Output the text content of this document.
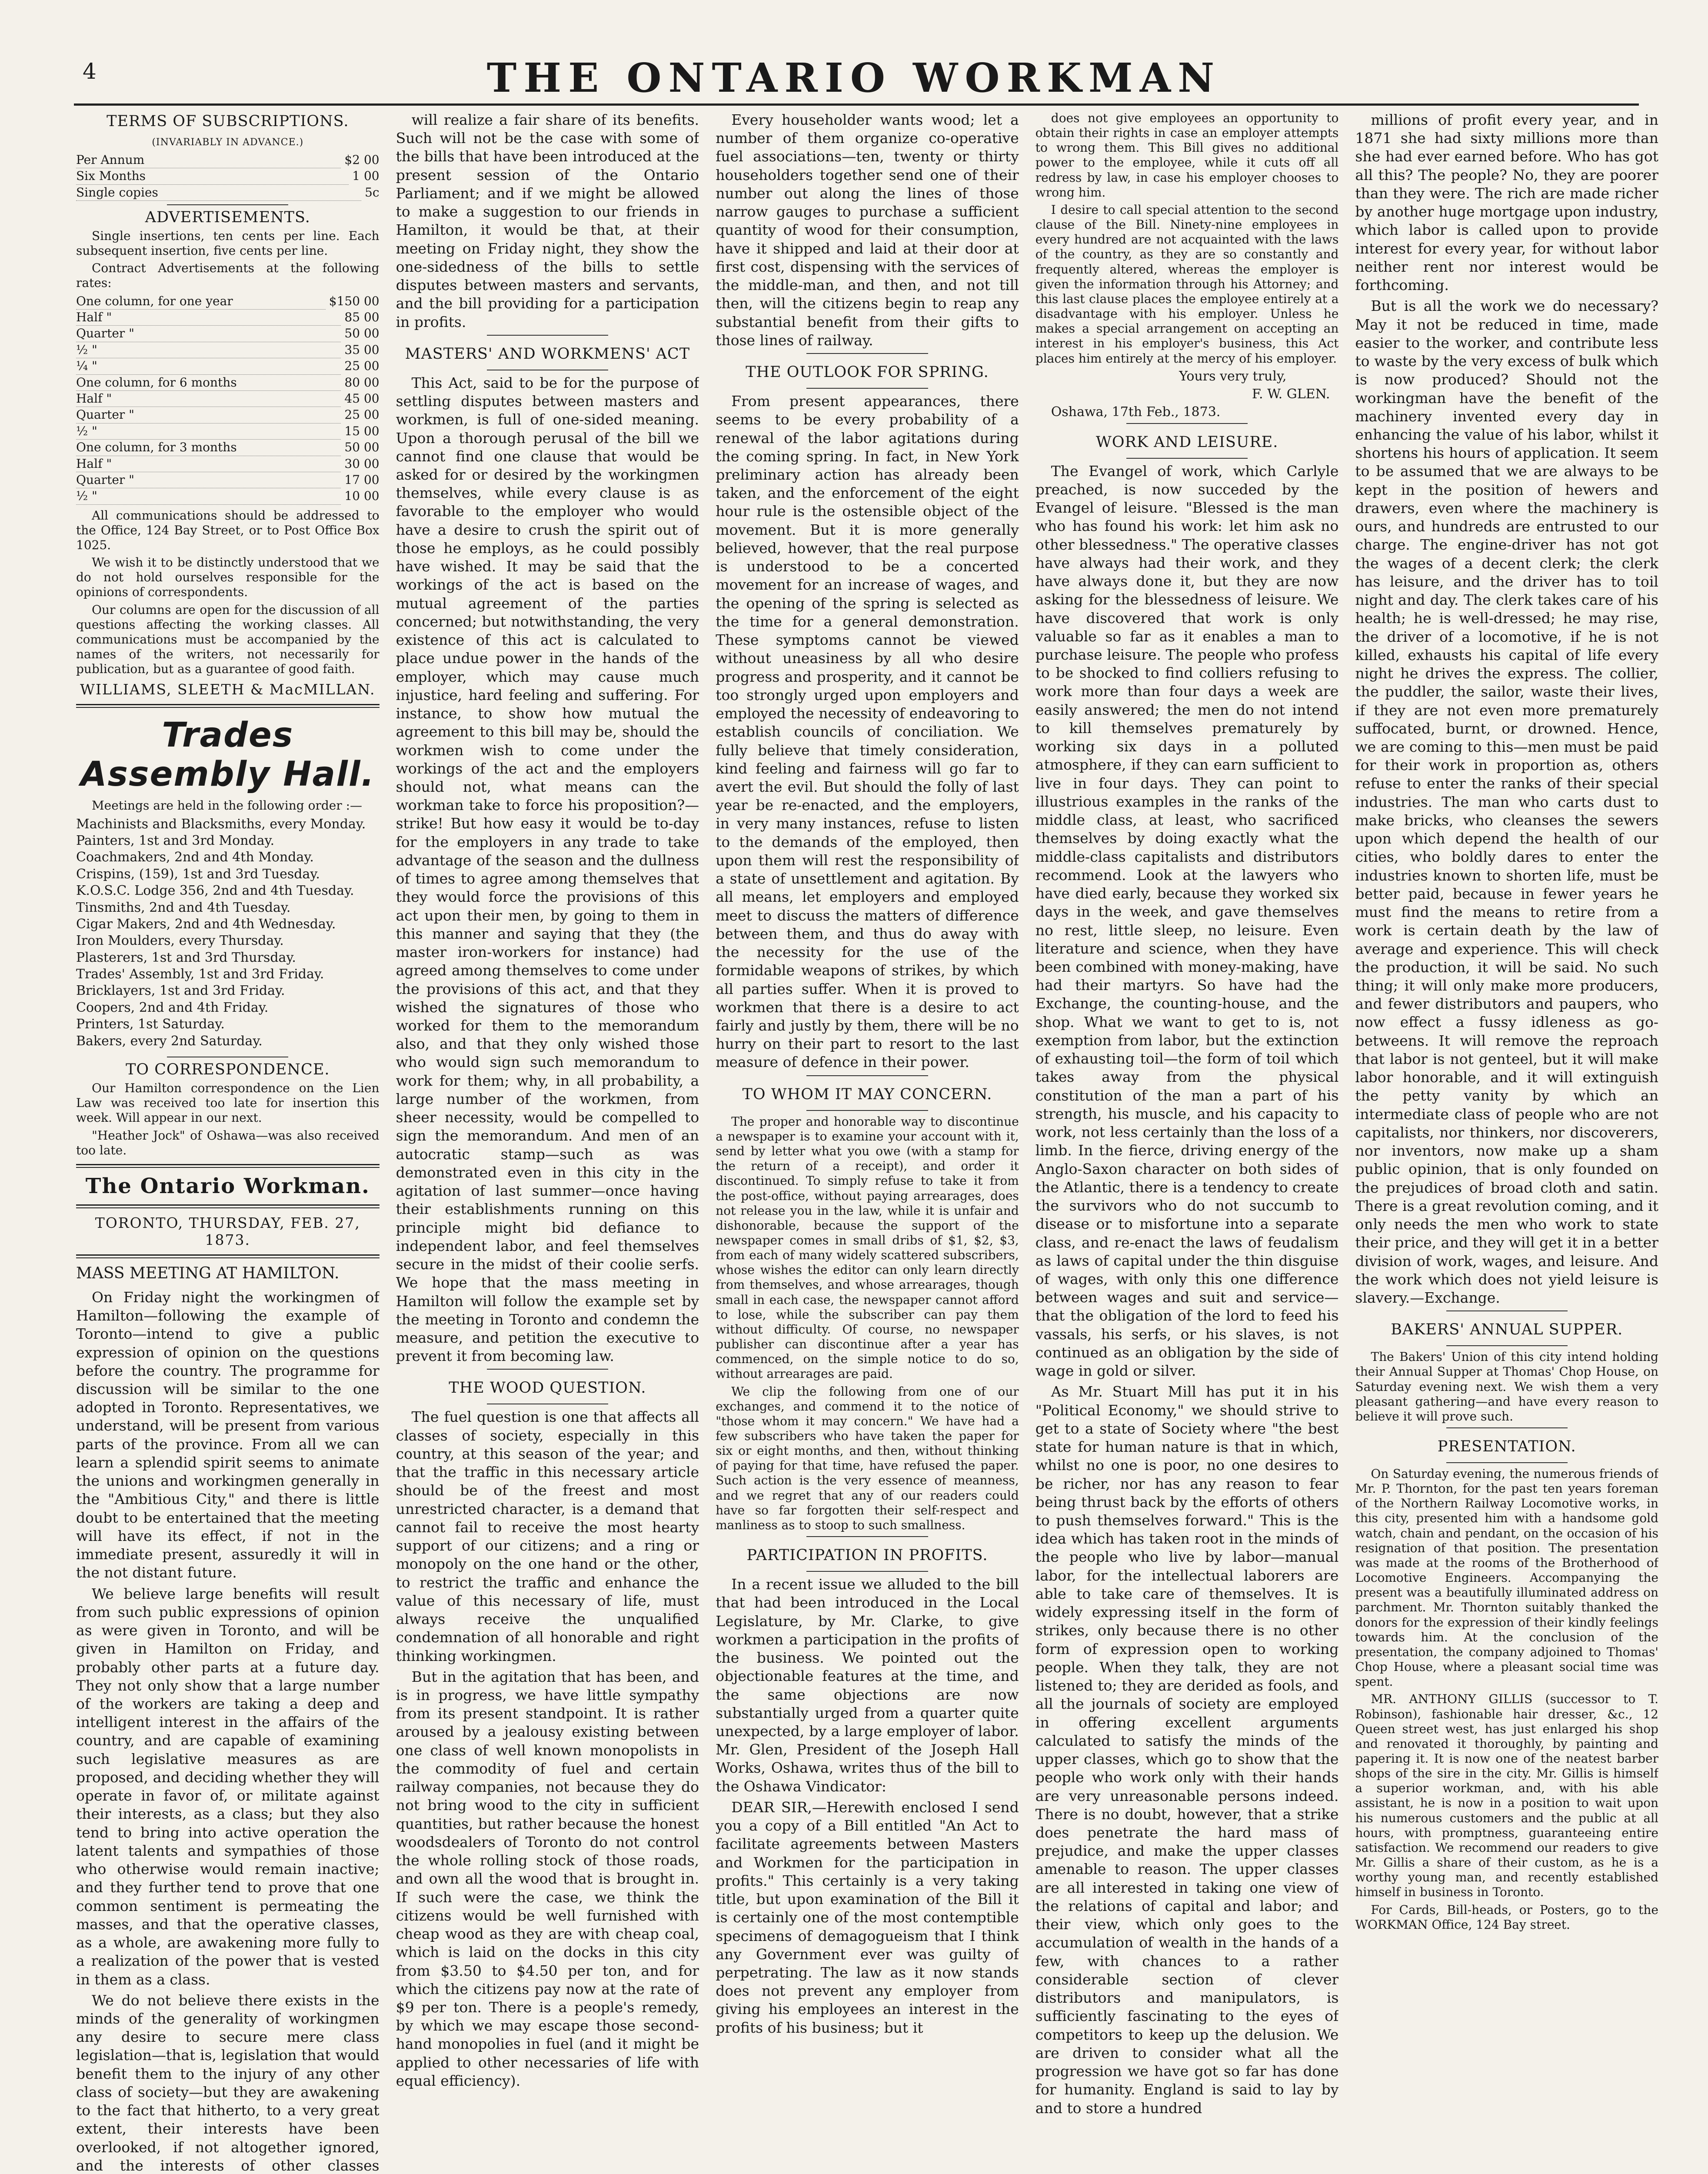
4	THE ONTARIO WORKMAN
TERMS OF SUBSCRIPTIONS.
(INVARIABLY IN ADVANCE.)
Per Annum	$2 00
Six Months	1 00
Single copies	5c
ADVERTISEMENTS.

Single insertions, ten cents per line. Each subsequent insertion, five cents per line.

Contract Advertisements at the following rates:

One column, for one year	$150 00
Half "	85 00
Quarter "	50 00
½ "	35 00
¼ "	25 00
One column, for 6 months	80 00
Half "	45 00
Quarter "	25 00
½ "	15 00
One column, for 3 months	50 00
Half "	30 00
Quarter "	17 00
½ "	10 00

All communications should be addressed to the Office, 124 Bay Street, or to Post Office Box 1025.

We wish it to be distinctly understood that we do not hold ourselves responsible for the opinions of correspondents.

Our columns are open for the discussion of all questions affecting the working classes. All communications must be accompanied by the names of the writers, not necessarily for publication, but as a guarantee of good faith.

WILLIAMS, SLEETH & MacMILLAN.
Trades Assembly Hall.

Meetings are held in the following order :—

Machinists and Blacksmiths, every Monday.
Painters, 1st and 3rd Monday.
Coachmakers, 2nd and 4th Monday.
Crispins, (159), 1st and 3rd Tuesday.
K.O.S.C. Lodge 356, 2nd and 4th Tuesday.
Tinsmiths, 2nd and 4th Tuesday.
Cigar Makers, 2nd and 4th Wednesday.
Iron Moulders, every Thursday.
Plasterers, 1st and 3rd Thursday.
Trades' Assembly, 1st and 3rd Friday.
Bricklayers, 1st and 3rd Friday.
Coopers, 2nd and 4th Friday.
Printers, 1st Saturday.
Bakers, every 2nd Saturday.
TO CORRESPONDENCE.

Our Hamilton correspondence on the Lien Law was received too late for insertion this week. Will appear in our next.

"Heather Jock" of Oshawa—was also received too late.

The Ontario Workman.
TORONTO, THURSDAY, FEB. 27, 1873.
MASS MEETING AT HAMILTON.

On Friday night the workingmen of Hamilton—following the example of Toronto—intend to give a public expression of opinion on the questions before the country. The programme for discussion will be similar to the one adopted in Toronto. Representatives, we understand, will be present from various parts of the province. From all we can learn a splendid spirit seems to animate the unions and workingmen generally in the "Ambitious City," and there is little doubt to be entertained that the meeting will have its effect, if not in the immediate present, assuredly it will in the not distant future.

We believe large benefits will result from such public expressions of opinion as were given in Toronto, and will be given in Hamilton on Friday, and probably other parts at a future day. They not only show that a large number of the workers are taking a deep and intelligent interest in the affairs of the country, and are capable of examining such legislative measures as are proposed, and deciding whether they will operate in favor of, or militate against their interests, as a class; but they also tend to bring into active operation the latent talents and sympathies of those who otherwise would remain inactive; and they further tend to prove that one common sentiment is permeating the masses, and that the operative classes, as a whole, are awakening more fully to a realization of the power that is vested in them as a class.

We do not believe there exists in the minds of the generality of workingmen any desire to secure mere class legislation—that is, legislation that would benefit them to the injury of any other class of society—but they are awakening to the fact that hitherto, to a very great extent, their interests have been overlooked, if not altogether ignored, and the interests of other classes

will realize a fair share of its benefits. Such will not be the case with some of the bills that have been introduced at the present session of the Ontario Parliament; and if we might be allowed to make a suggestion to our friends in Hamilton, it would be that, at their meeting on Friday night, they show the one-sidedness of the bills to settle disputes between masters and servants, and the bill providing for a participation in profits.

MASTERS' AND WORKMENS' ACT

This Act, said to be for the purpose of settling disputes between masters and workmen, is full of one-sided meaning. Upon a thorough perusal of the bill we cannot find one clause that would be asked for or desired by the workingmen themselves, while every clause is as favorable to the employer who would have a desire to crush the spirit out of those he employs, as he could possibly have wished. It may be said that the workings of the act is based on the mutual agreement of the parties concerned; but notwithstanding, the very existence of this act is calculated to place undue power in the hands of the employer, which may cause much injustice, hard feeling and suffering. For instance, to show how mutual the agreement to this bill may be, should the workmen wish to come under the workings of the act and the employers should not, what means can the workman take to force his proposition?—strike! But how easy it would be to-day for the employers in any trade to take advantage of the season and the dullness of times to agree among themselves that they would force the provisions of this act upon their men, by going to them in this manner and saying that they (the master iron-workers for instance) had agreed among themselves to come under the provisions of this act, and that they wished the signatures of those who worked for them to the memorandum also, and that they only wished those who would sign such memorandum to work for them; why, in all probability, a large number of the workmen, from sheer necessity, would be compelled to sign the memorandum. And men of an autocratic stamp—such as was demonstrated even in this city in the agitation of last summer—once having their establishments running on this principle might bid defiance to independent labor, and feel themselves secure in the midst of their coolie serfs. We hope that the mass meeting in Hamilton will follow the example set by the meeting in Toronto and condemn the measure, and petition the executive to prevent it from becoming law.

THE WOOD QUESTION.

The fuel question is one that affects all classes of society, especially in this country, at this season of the year; and that the traffic in this necessary article should be of the freest and most unrestricted character, is a demand that cannot fail to receive the most hearty support of our citizens; and a ring or monopoly on the one hand or the other, to restrict the traffic and enhance the value of this necessary of life, must always receive the unqualified condemnation of all honorable and right thinking workingmen.

But in the agitation that has been, and is in progress, we have little sympathy from its present standpoint. It is rather aroused by a jealousy existing between one class of well known monopolists in the commodity of fuel and certain railway companies, not because they do not bring wood to the city in sufficient quantities, but rather because the honest woodsdealers of Toronto do not control the whole rolling stock of those roads, and own all the wood that is brought in. If such were the case, we think the citizens would be well furnished with cheap wood as they are with cheap coal, which is laid on the docks in this city from $3.50 to $4.50 per ton, and for which the citizens pay now at the rate of $9 per ton. There is a people's remedy, by which we may escape those second-hand monopolies in fuel (and it might be applied to other necessaries of life with equal efficiency).

Every householder wants wood; let a number of them organize co-operative fuel associations—ten, twenty or thirty householders together send one of their number out along the lines of those narrow gauges to purchase a sufficient quantity of wood for their consumption, have it shipped and laid at their door at first cost, dispensing with the services of the middle-man, and then, and not till then, will the citizens begin to reap any substantial benefit from their gifts to those lines of railway.

THE OUTLOOK FOR SPRING.

From present appearances, there seems to be every probability of a renewal of the labor agitations during the coming spring. In fact, in New York preliminary action has already been taken, and the enforcement of the eight hour rule is the ostensible object of the movement. But it is more generally believed, however, that the real purpose is understood to be a concerted movement for an increase of wages, and the opening of the spring is selected as the time for a general demonstration. These symptoms cannot be viewed without uneasiness by all who desire progress and prosperity, and it cannot be too strongly urged upon employers and employed the necessity of endeavoring to establish councils of conciliation. We fully believe that timely consideration, kind feeling and fairness will go far to avert the evil. But should the folly of last year be re-enacted, and the employers, in very many instances, refuse to listen to the demands of the employed, then upon them will rest the responsibility of a state of unsettlement and agitation. By all means, let employers and employed meet to discuss the matters of difference between them, and thus do away with the necessity for the use of the formidable weapons of strikes, by which all parties suffer. When it is proved to workmen that there is a desire to act fairly and justly by them, there will be no hurry on their part to resort to the last measure of defence in their power.

TO WHOM IT MAY CONCERN.

The proper and honorable way to discontinue a newspaper is to examine your account with it, send by letter what you owe (with a stamp for the return of a receipt), and order it discontinued. To simply refuse to take it from the post-office, without paying arrearages, does not release you in the law, while it is unfair and dishonorable, because the support of the newspaper comes in small dribs of $1, $2, $3, from each of many widely scattered subscribers, whose wishes the editor can only learn directly from themselves, and whose arrearages, though small in each case, the newspaper cannot afford to lose, while the subscriber can pay them without difficulty. Of course, no newspaper publisher can discontinue after a year has commenced, on the simple notice to do so, without arrearages are paid.

We clip the following from one of our exchanges, and commend it to the notice of "those whom it may concern." We have had a few subscribers who have taken the paper for six or eight months, and then, without thinking of paying for that time, have refused the paper. Such action is the very essence of meanness, and we regret that any of our readers could have so far forgotten their self-respect and manliness as to stoop to such smallness.

PARTICIPATION IN PROFITS.

In a recent issue we alluded to the bill that had been introduced in the Local Legislature, by Mr. Clarke, to give workmen a participation in the profits of the business. We pointed out the objectionable features at the time, and the same objections are now substantially urged from a quarter quite unexpected, by a large employer of labor. Mr. Glen, President of the Joseph Hall Works, Oshawa, writes thus of the bill to the Oshawa Vindicator:

DEAR SIR,—Herewith enclosed I send you a copy of a Bill entitled "An Act to facilitate agreements between Masters and Workmen for the participation in profits." This certainly is a very taking title, but upon examination of the Bill it is certainly one of the most contemptible specimens of demagogueism that I think any Government ever was guilty of perpetrating. The law as it now stands does not prevent any employer from giving his employees an interest in the profits of his business; but it

does not give employees an opportunity to obtain their rights in case an employer attempts to wrong them. This Bill gives no additional power to the employee, while it cuts off all redress by law, in case his employer chooses to wrong him.

I desire to call special attention to the second clause of the Bill. Ninety-nine employees in every hundred are not acquainted with the laws of the country, as they are so constantly and frequently altered, whereas the employer is given the information through his Attorney; and this last clause places the employee entirely at a disadvantage with his employer. Unless he makes a special arrangement on accepting an interest in his employer's business, this Act places him entirely at the mercy of his employer.

Yours very truly,
F. W. GLEN.
Oshawa, 17th Feb., 1873.
WORK AND LEISURE.

The Evangel of work, which Carlyle preached, is now succeded by the Evangel of leisure. "Blessed is the man who has found his work: let him ask no other blessedness." The operative classes have always had their work, and they have always done it, but they are now asking for the blessedness of leisure. We have discovered that work is only valuable so far as it enables a man to purchase leisure. The people who profess to be shocked to find colliers refusing to work more than four days a week are easily answered; the men do not intend to kill themselves prematurely by working six days in a polluted atmosphere, if they can earn sufficient to live in four days. They can point to illustrious examples in the ranks of the middle class, at least, who sacrificed themselves by doing exactly what the middle-class capitalists and distributors recommend. Look at the lawyers who have died early, because they worked six days in the week, and gave themselves no rest, little sleep, no leisure. Even literature and science, when they have been combined with money-making, have had their martyrs. So have had the Exchange, the counting-house, and the shop. What we want to get to is, not exemption from labor, but the extinction of exhausting toil—the form of toil which takes away from the physical constitution of the man a part of his strength, his muscle, and his capacity to work, not less certainly than the loss of a limb. In the fierce, driving energy of the Anglo-Saxon character on both sides of the Atlantic, there is a tendency to create the survivors who do not succumb to disease or to misfortune into a separate class, and re-enact the laws of feudalism as laws of capital under the thin disguise of wages, with only this one difference between wages and suit and service—that the obligation of the lord to feed his vassals, his serfs, or his slaves, is not continued as an obligation by the side of wage in gold or silver.

As Mr. Stuart Mill has put it in his "Political Economy," we should strive to get to a state of Society where "the best state for human nature is that in which, whilst no one is poor, no one desires to be richer, nor has any reason to fear being thrust back by the efforts of others to push themselves forward." This is the idea which has taken root in the minds of the people who live by labor—manual labor, for the intellectual laborers are able to take care of themselves. It is widely expressing itself in the form of strikes, only because there is no other form of expression open to working people. When they talk, they are not listened to; they are derided as fools, and all the journals of society are employed in offering excellent arguments calculated to satisfy the minds of the upper classes, which go to show that the people who work only with their hands are very unreasonable persons indeed. There is no doubt, however, that a strike does penetrate the hard mass of prejudice, and make the upper classes amenable to reason. The upper classes are all interested in taking one view of the relations of capital and labor; and their view, which only goes to the accumulation of wealth in the hands of a few, with chances to a rather considerable section of clever distributors and manipulators, is sufficiently fascinating to the eyes of competitors to keep up the delusion. We are driven to consider what all the progression we have got so far has done for humanity. England is said to lay by and to store a hundred

millions of profit every year, and in 1871 she had sixty millions more than she had ever earned before. Who has got all this? The people? No, they are poorer than they were. The rich are made richer by another huge mortgage upon industry, which labor is called upon to provide interest for every year, for without labor neither rent nor interest would be forthcoming.

But is all the work we do necessary? May it not be reduced in time, made easier to the worker, and contribute less to waste by the very excess of bulk which is now produced? Should not the workingman have the benefit of the machinery invented every day in enhancing the value of his labor, whilst it shortens his hours of application. It seem to be assumed that we are always to be kept in the position of hewers and drawers, even where the machinery is ours, and hundreds are entrusted to our charge. The engine-driver has not got the wages of a decent clerk; the clerk has leisure, and the driver has to toil night and day. The clerk takes care of his health; he is well-dressed; he may rise, the driver of a locomotive, if he is not killed, exhausts his capital of life every night he drives the express. The collier, the puddler, the sailor, waste their lives, if they are not even more prematurely suffocated, burnt, or drowned. Hence, we are coming to this—men must be paid for their work in proportion as, others refuse to enter the ranks of their special industries. The man who carts dust to make bricks, who cleanses the sewers upon which depend the health of our cities, who boldly dares to enter the industries known to shorten life, must be better paid, because in fewer years he must find the means to retire from a work is certain death by the law of average and experience. This will check the production, it will be said. No such thing; it will only make more producers, and fewer distributors and paupers, who now effect a fussy idleness as go-betweens. It will remove the reproach that labor is not genteel, but it will make labor honorable, and it will extinguish the petty vanity by which an intermediate class of people who are not capitalists, nor thinkers, nor discoverers, nor inventors, now make up a sham public opinion, that is only founded on the prejudices of broad cloth and satin. There is a great revolution coming, and it only needs the men who work to state their price, and they will get it in a better division of work, wages, and leisure. And the work which does not yield leisure is slavery.—Exchange.

BAKERS' ANNUAL SUPPER.

The Bakers' Union of this city intend holding their Annual Supper at Thomas' Chop House, on Saturday evening next. We wish them a very pleasant gathering—and have every reason to believe it will prove such.

PRESENTATION.

On Saturday evening, the numerous friends of Mr. P. Thornton, for the past ten years foreman of the Northern Railway Locomotive works, in this city, presented him with a handsome gold watch, chain and pendant, on the occasion of his resignation of that position. The presentation was made at the rooms of the Brotherhood of Locomotive Engineers. Accompanying the present was a beautifully illuminated address on parchment. Mr. Thornton suitably thanked the donors for the expression of their kindly feelings towards him. At the conclusion of the presentation, the company adjoined to Thomas' Chop House, where a pleasant social time was spent.

MR. ANTHONY GILLIS (successor to T. Robinson), fashionable hair dresser, &c., 12 Queen street west, has just enlarged his shop and renovated it thoroughly, by painting and papering it. It is now one of the neatest barber shops of the sire in the city. Mr. Gillis is himself a superior workman, and, with his able assistant, he is now in a position to wait upon his numerous customers and the public at all hours, with promptness, guaranteeing entire satisfaction. We recommend our readers to give Mr. Gillis a share of their custom, as he is a worthy young man, and recently established himself in business in Toronto.

For Cards, Bill-heads, or Posters, go to the WORKMAN Office, 124 Bay street.
